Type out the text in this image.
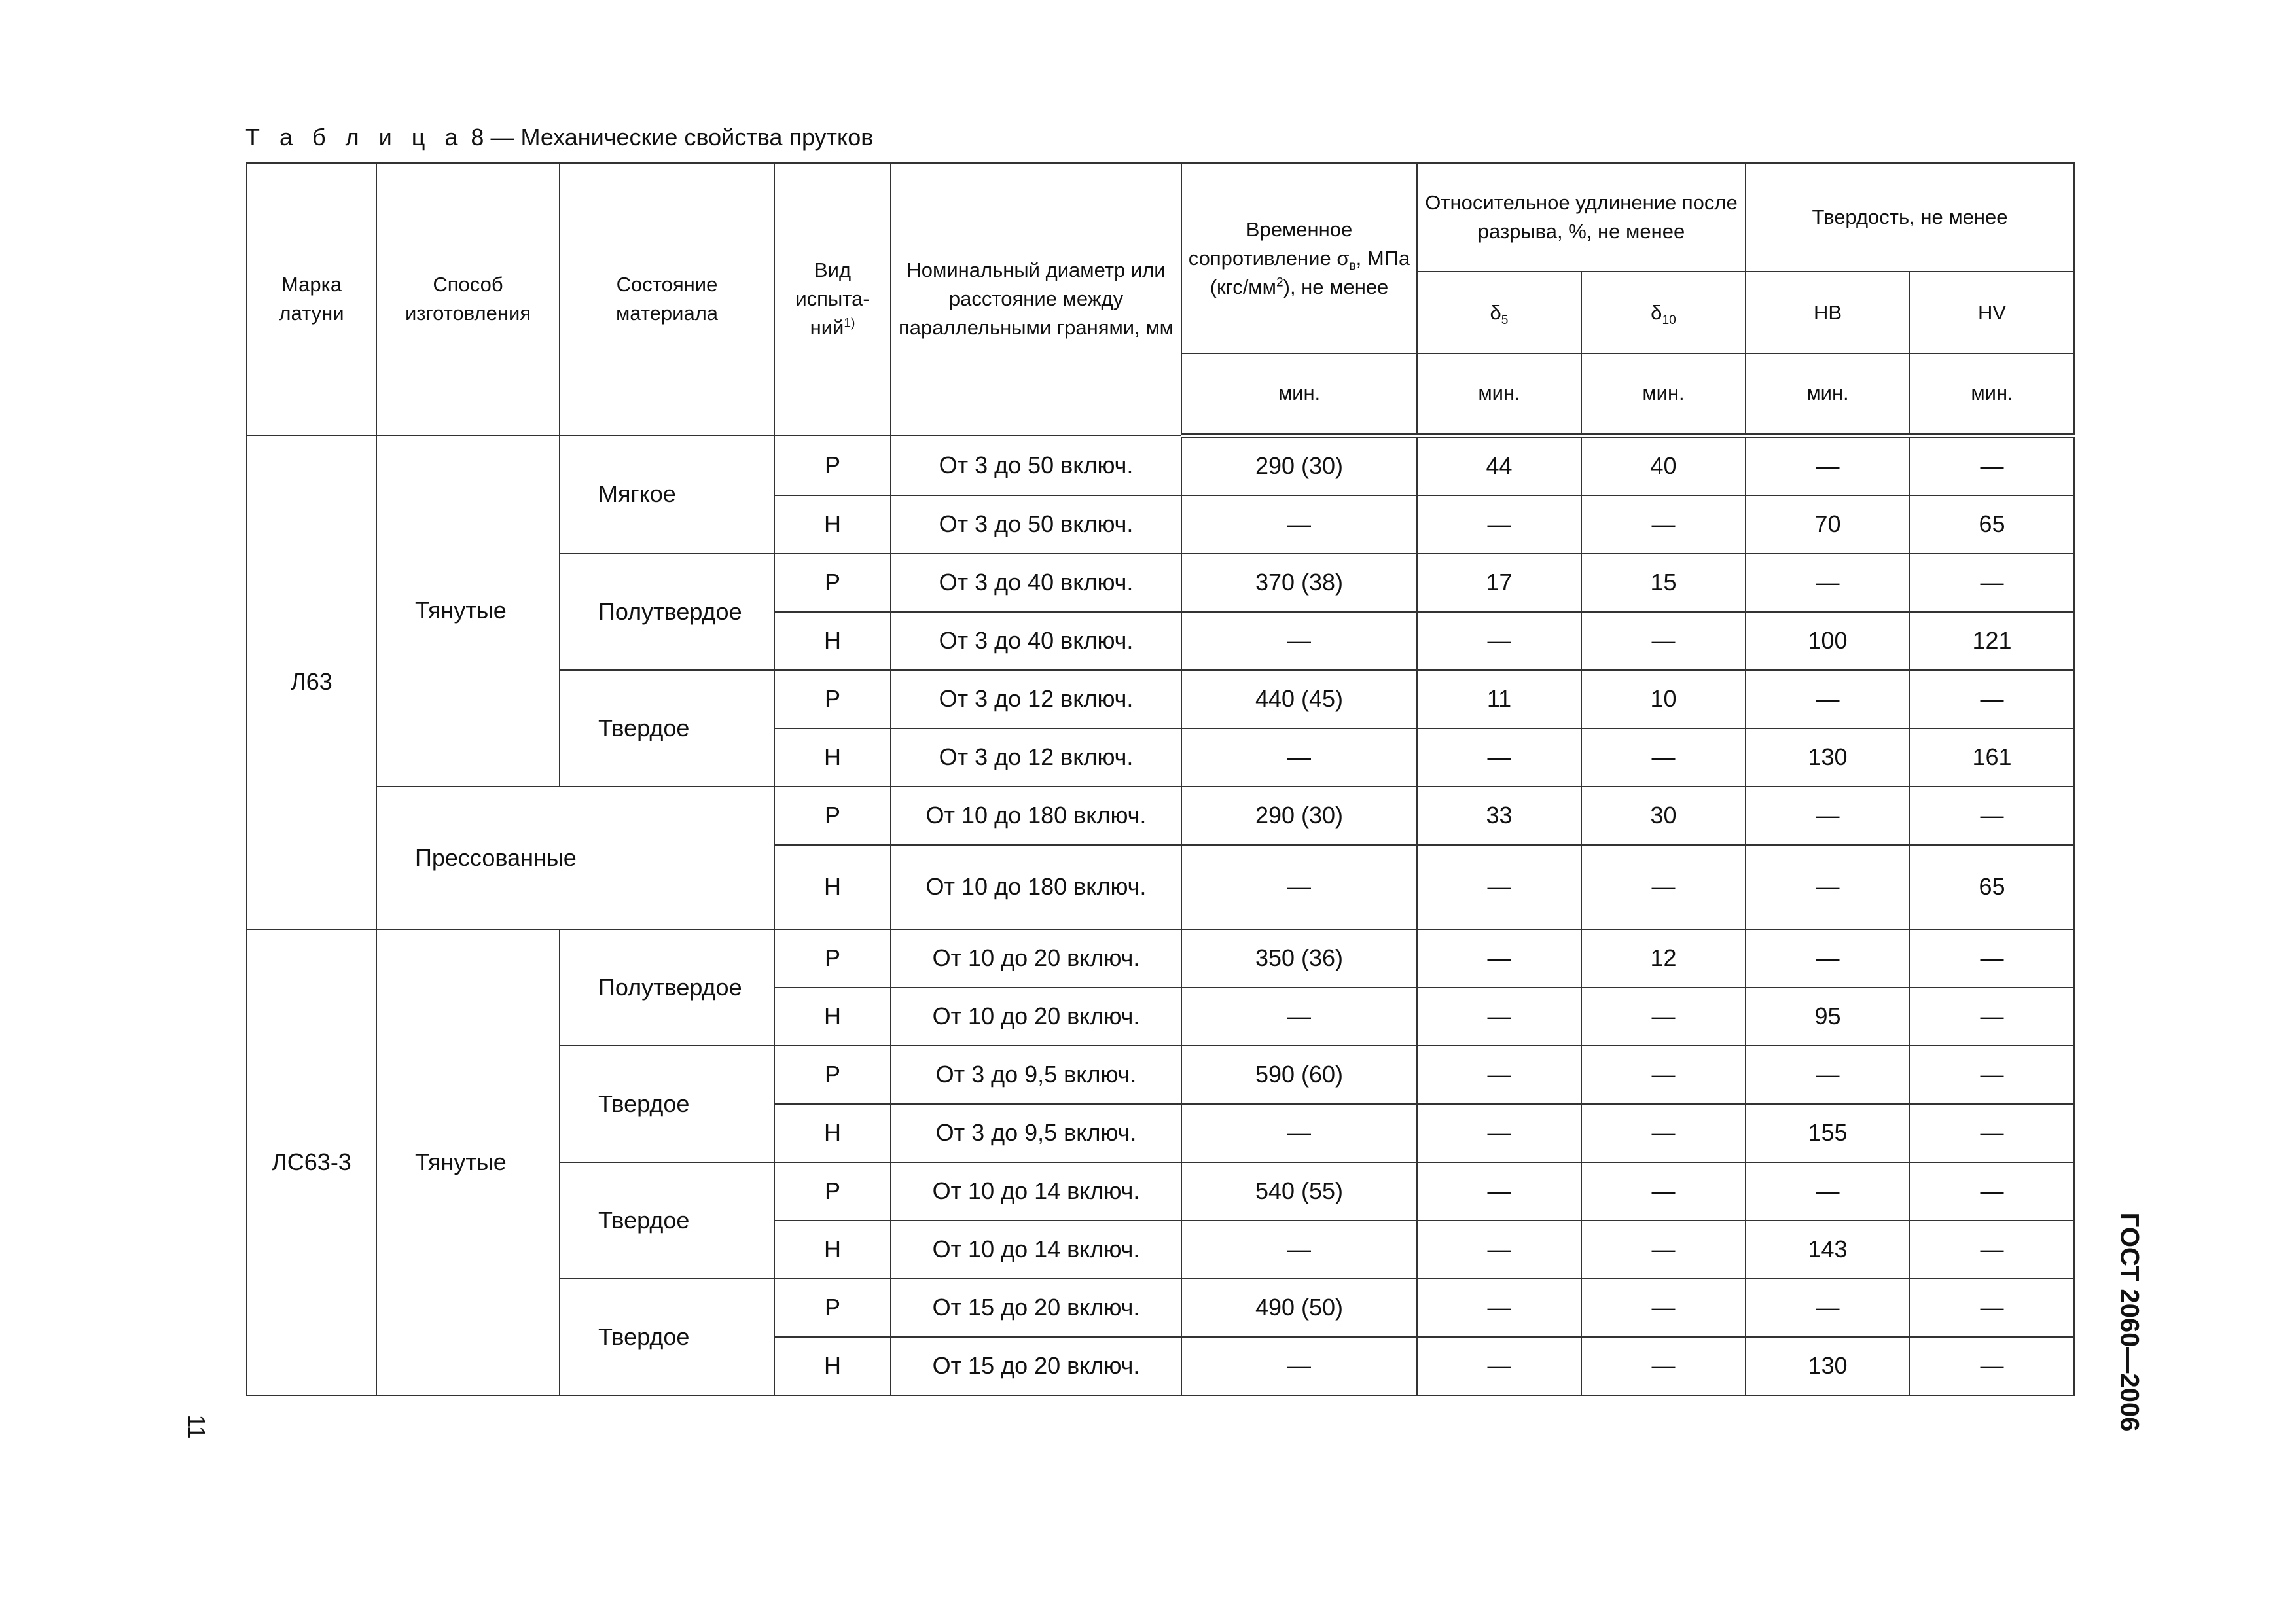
Т а б л и ц а 8 — Механические свойства прутков
Марка латуни	Способ изготовления	Состояние материала	Вид испыта-ний$^{1)}$	Номинальный диаметр или расстояние между параллельными гранями, мм	Временное сопротивление $\sigma_в$, МПа $(кгс/мм^2)$, не менее	Относительное удлинение после разрыва, %, не менее		Твердость, не менее	
						$\delta_5$	$\delta_{10}$	НВ	HV
					мин.	мин.	мин.	мин.	мин.
Л63	Тянутые	Мягкое	Р	От 3 до 50 включ.	290 (30)	44	40	—	—
			Н	От 3 до 50 включ.	—	—	—	70	65
		Полутвердое	Р	От 3 до 40 включ.	370 (38)	17	15	—	—
			Н	От 3 до 40 включ.	—	—	—	100	121
		Твердое	Р	От 3 до 12 включ.	440 (45)	11	10	—	—
			Н	От 3 до 12 включ.	—	—	—	130	161
	Прессованные		Р	От 10 до 180 включ.	290 (30)	33	30	—	—
			Н	От 10 до 180 включ.	—	—	—	—	65
ЛС63-3	Тянутые	Полутвердое	Р	От 10 до 20 включ.	350 (36)	—	12	—	—
			Н	От 10 до 20 включ.	—	—	—	95	—
		Твердое	Р	От 3 до 9,5 включ.	590 (60)	—	—	—	—
			Н	От 3 до 9,5 включ.	—	—	—	155	—
		Твердое	Р	От 10 до 14 включ.	540 (55)	—	—	—	—
			Н	От 10 до 14 включ.	—	—	—	143	—
		Твердое	Р	От 15 до 20 включ.	490 (50)	—	—	—	—
			Н	От 15 до 20 включ.	—	—	—	130	—	ГОСТ 2060—2006
11
